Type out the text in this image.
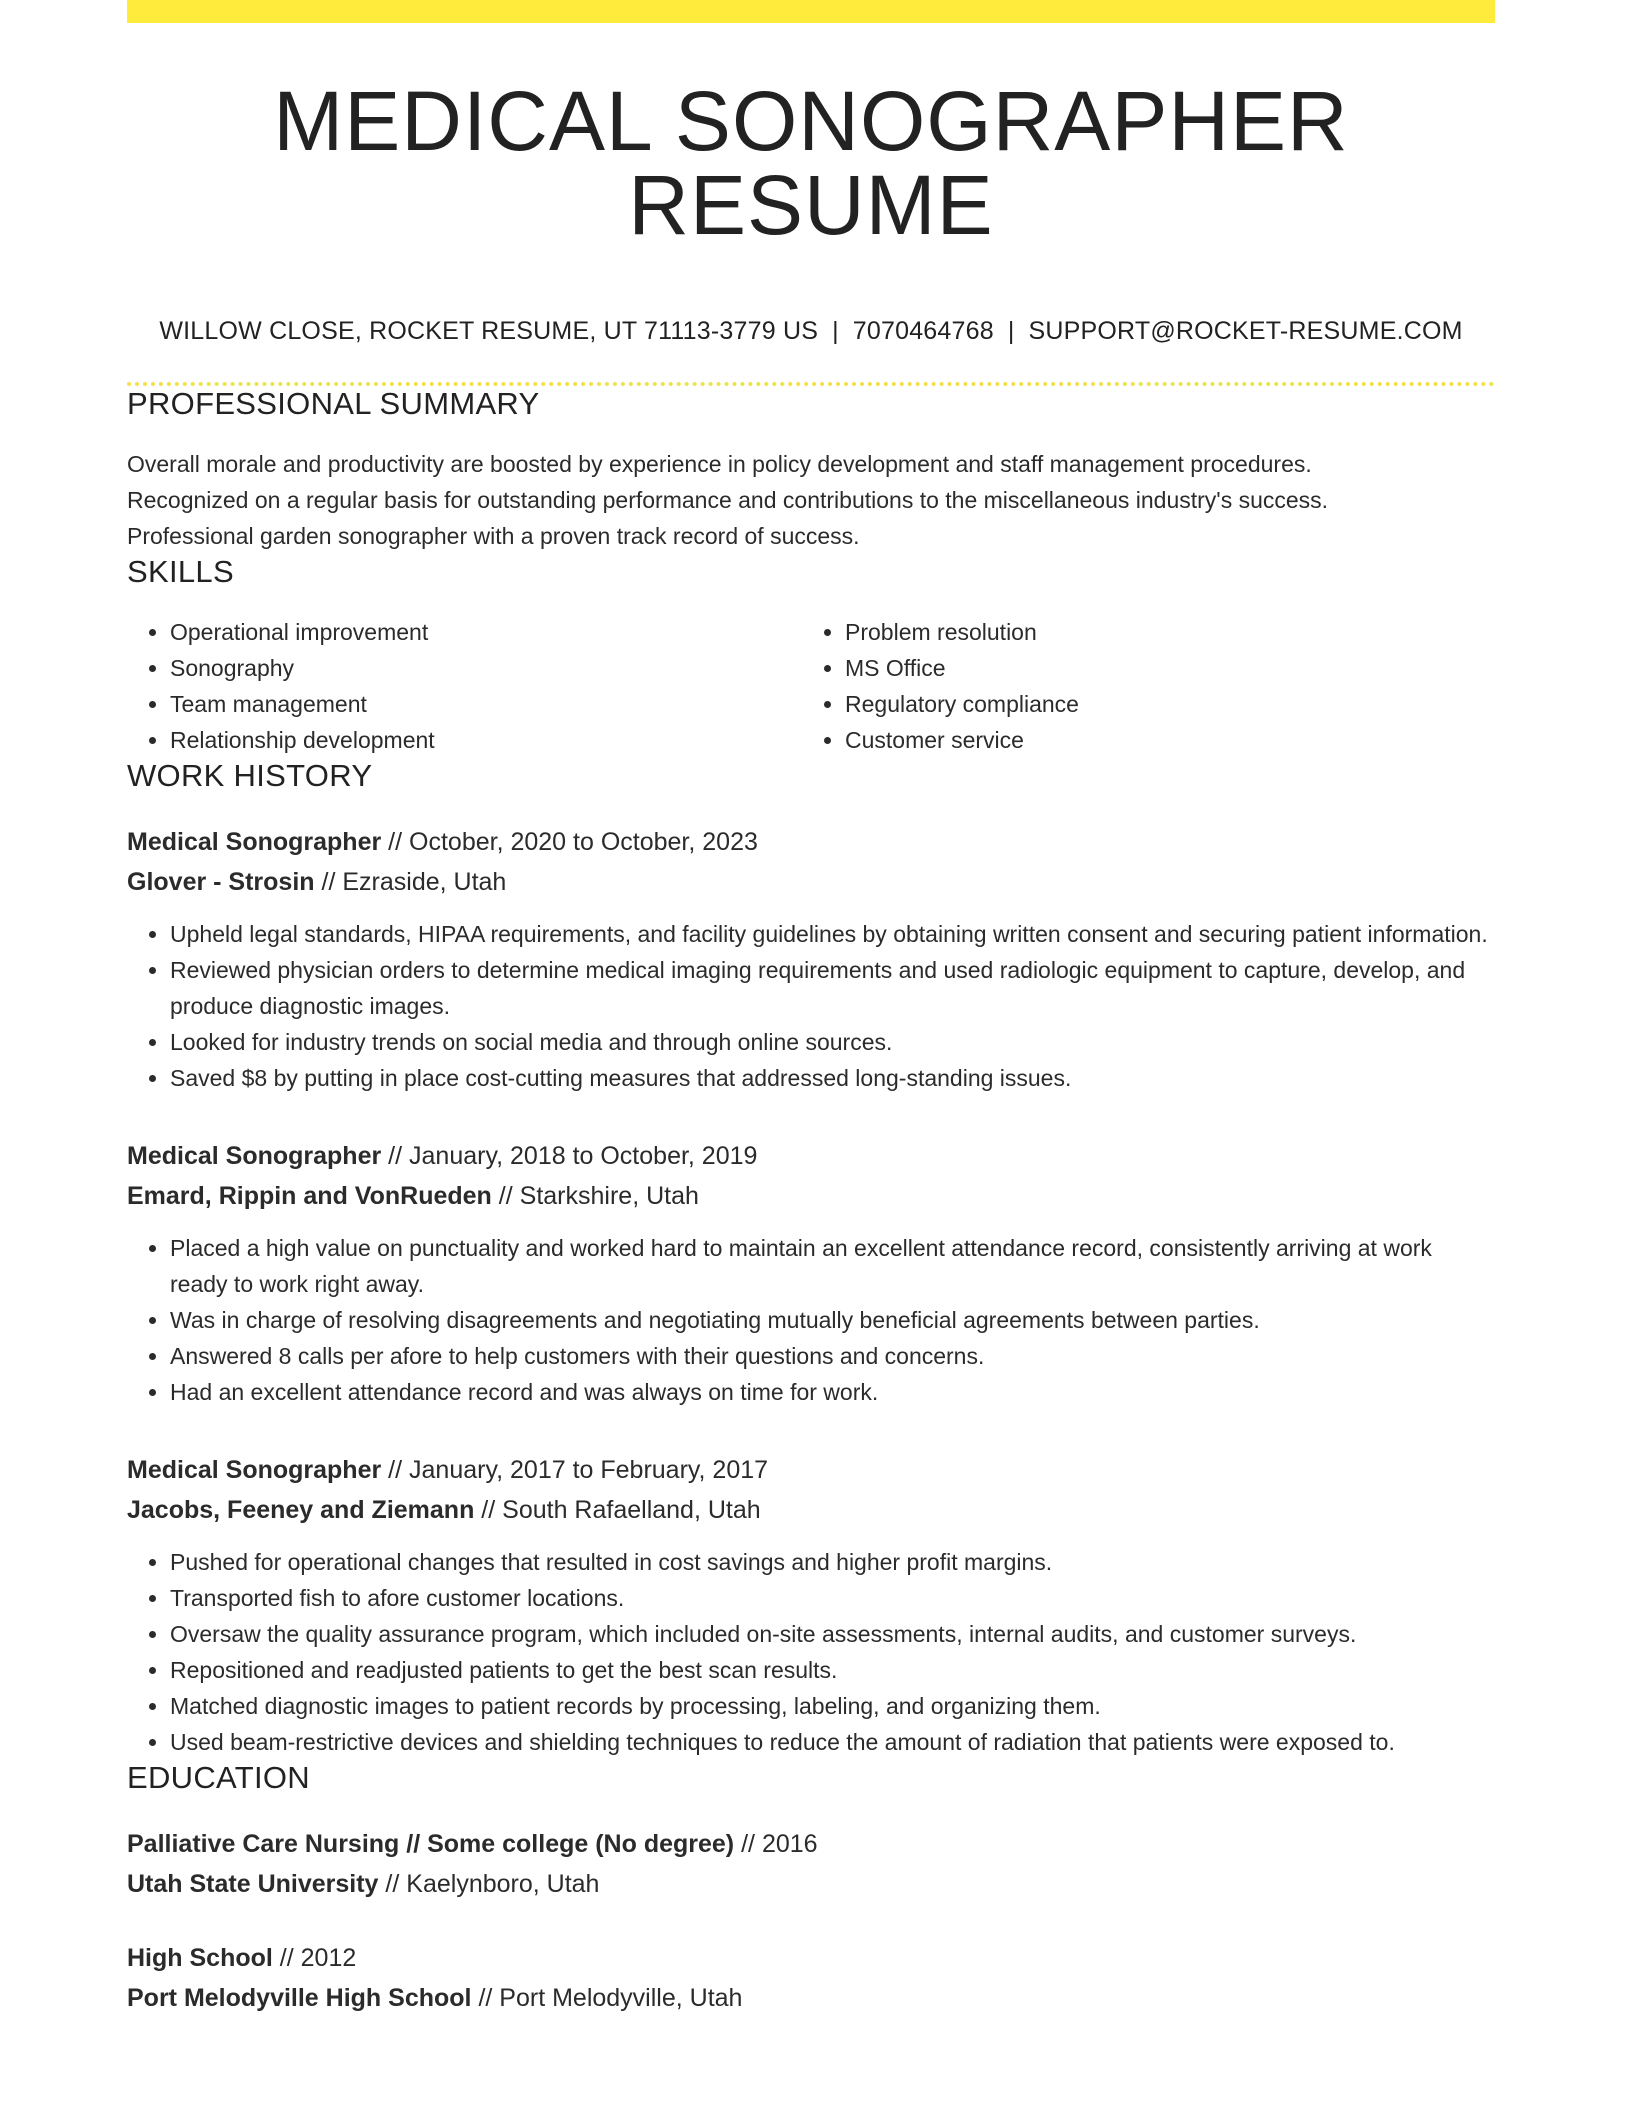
MEDICAL SONOGRAPHER RESUME
WILLOW CLOSE, ROCKET RESUME, UT 71113-3779 US | 7070464768 | SUPPORT@ROCKET-RESUME.COM
PROFESSIONAL SUMMARY
Overall morale and productivity are boosted by experience in policy development and staff management procedures.
Recognized on a regular basis for outstanding performance and contributions to the miscellaneous industry's success.
Professional garden sonographer with a proven track record of success.
SKILLS
• Operational improvement
• Sonography
• Team management
• Relationship development
• Problem resolution
• MS Office
• Regulatory compliance
• Customer service
WORK HISTORY
Medical Sonographer // October, 2020 to October, 2023
Glover - Strosin // Ezraside, Utah
• Upheld legal standards, HIPAA requirements, and facility guidelines by obtaining written consent and securing patient information.
• Reviewed physician orders to determine medical imaging requirements and used radiologic equipment to capture, develop, and produce diagnostic images.
• Looked for industry trends on social media and through online sources.
• Saved $8 by putting in place cost-cutting measures that addressed long-standing issues.
Medical Sonographer // January, 2018 to October, 2019
Emard, Rippin and VonRueden // Starkshire, Utah
• Placed a high value on punctuality and worked hard to maintain an excellent attendance record, consistently arriving at work ready to work right away.
• Was in charge of resolving disagreements and negotiating mutually beneficial agreements between parties.
• Answered 8 calls per afore to help customers with their questions and concerns.
• Had an excellent attendance record and was always on time for work.
Medical Sonographer // January, 2017 to February, 2017
Jacobs, Feeney and Ziemann // South Rafaelland, Utah
• Pushed for operational changes that resulted in cost savings and higher profit margins.
• Transported fish to afore customer locations.
• Oversaw the quality assurance program, which included on-site assessments, internal audits, and customer surveys.
• Repositioned and readjusted patients to get the best scan results.
• Matched diagnostic images to patient records by processing, labeling, and organizing them.
• Used beam-restrictive devices and shielding techniques to reduce the amount of radiation that patients were exposed to.
EDUCATION
Palliative Care Nursing // Some college (No degree) // 2016
Utah State University // Kaelynboro, Utah
High School // 2012
Port Melodyville High School // Port Melodyville, Utah
